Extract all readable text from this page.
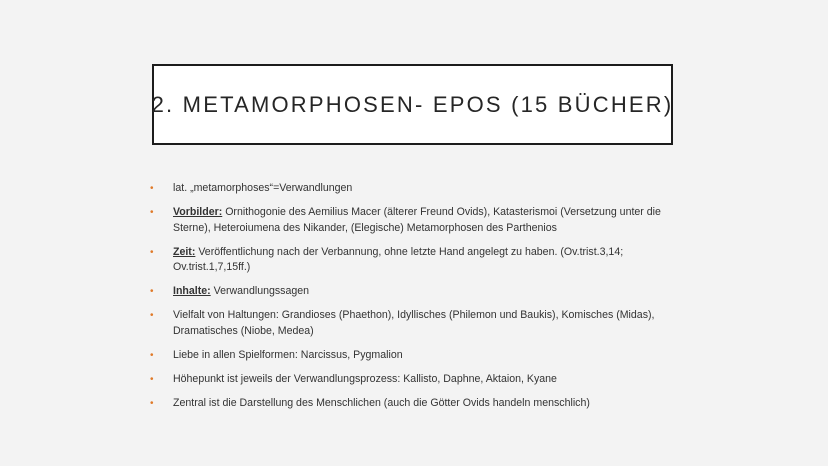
2. METAMORPHOSEN- EPOS (15 BÜCHER)
• lat. „metamorphoses“=Verwandlungen
• Vorbilder: Ornithogonie des Aemilius Macer (älterer Freund Ovids), Katasterismoi (Versetzung unter die Sterne), Heteroiumena des Nikander, (Elegische) Metamorphosen des Parthenios
• Zeit: Veröffentlichung nach der Verbannung, ohne letzte Hand angelegt zu haben. (Ov.trist.3,14; Ov.trist.1,7,15ff.)
• Inhalte: Verwandlungssagen
• Vielfalt von Haltungen: Grandioses (Phaethon), Idyllisches (Philemon und Baukis), Komisches (Midas), Dramatisches (Niobe, Medea)
• Liebe in allen Spielformen: Narcissus, Pygmalion
• Höhepunkt ist jeweils der Verwandlungsprozess: Kallisto, Daphne, Aktaion, Kyane
• Zentral ist die Darstellung des Menschlichen (auch die Götter Ovids handeln menschlich)
